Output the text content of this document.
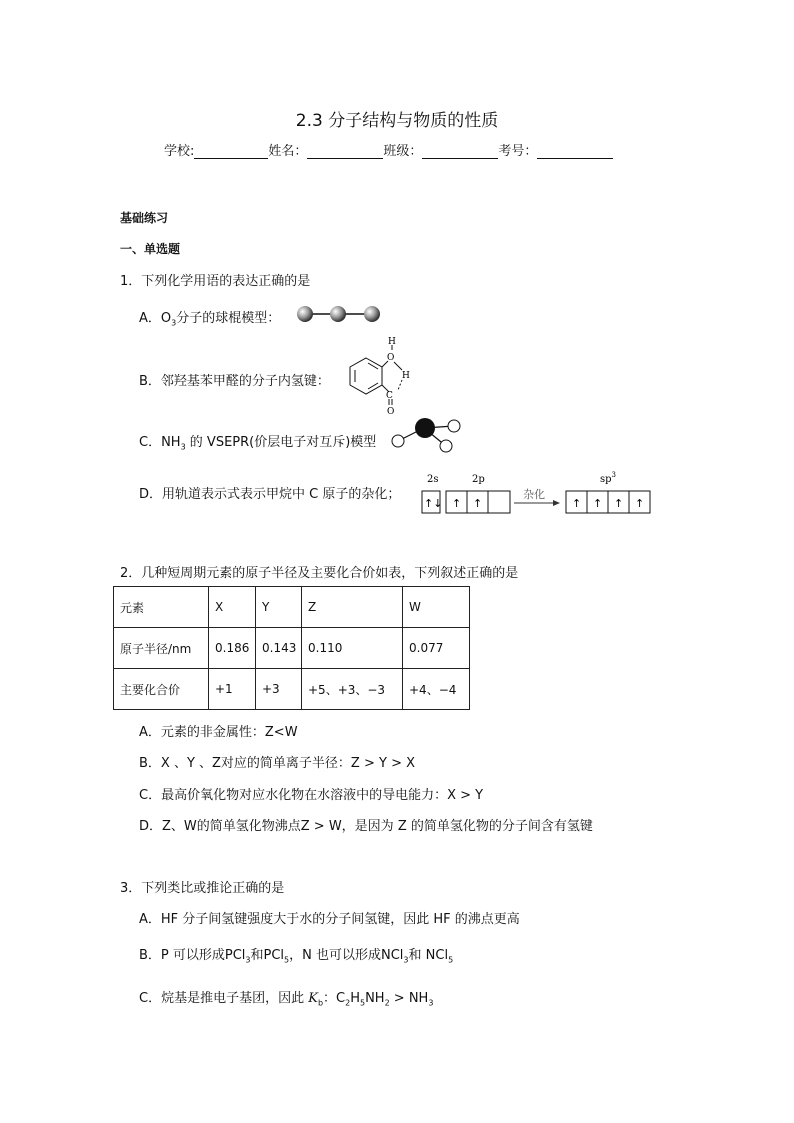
2.3 分子结构与物质的性质
学校:	姓名：	班级：	考号：
基础练习
一、单选题
1．下列化学用语的表达正确的是
A．$O_3$分子的球棍模型：
B．邻羟基苯甲醛的分子内氢键：
H
O
H
C
O
C．$NH_3$ 的 VSEPR(价层电子对互斥)模型
D．用轨道表示式表示甲烷中 C 原子的杂化；
2s	2p
↑↓ ↑ ↑
杂化
$sp^3$
↑ ↑ ↑ ↑
2．几种短周期元素的原子半径及主要化合价如表，下列叙述正确的是
元素	X	Y	Z	W
原子半径/nm	0.186	0.143	0.110	0.077
主要化合价	+1	+3	+5、+3、−3	+4、−4
A．元素的非金属性：Z<W
B．X 、Y 、Z对应的简单离子半径：Z > Y > X
C．最高价氧化物对应水化物在水溶液中的导电能力：X > Y
D．Z、W的简单氢化物沸点Z > W，是因为 Z 的简单氢化物的分子间含有氢键
3．下列类比或推论正确的是
A．HF 分子间氢键强度大于水的分子间氢键，因此 HF 的沸点更高
B．P 可以形成PCl$_3$和PCl$_5$，N 也可以形成NCl$_3$和 NCl$_5$
C．烷基是推电子基团，因此 $K_b$：$C_2H_5NH_2 > NH_3$
